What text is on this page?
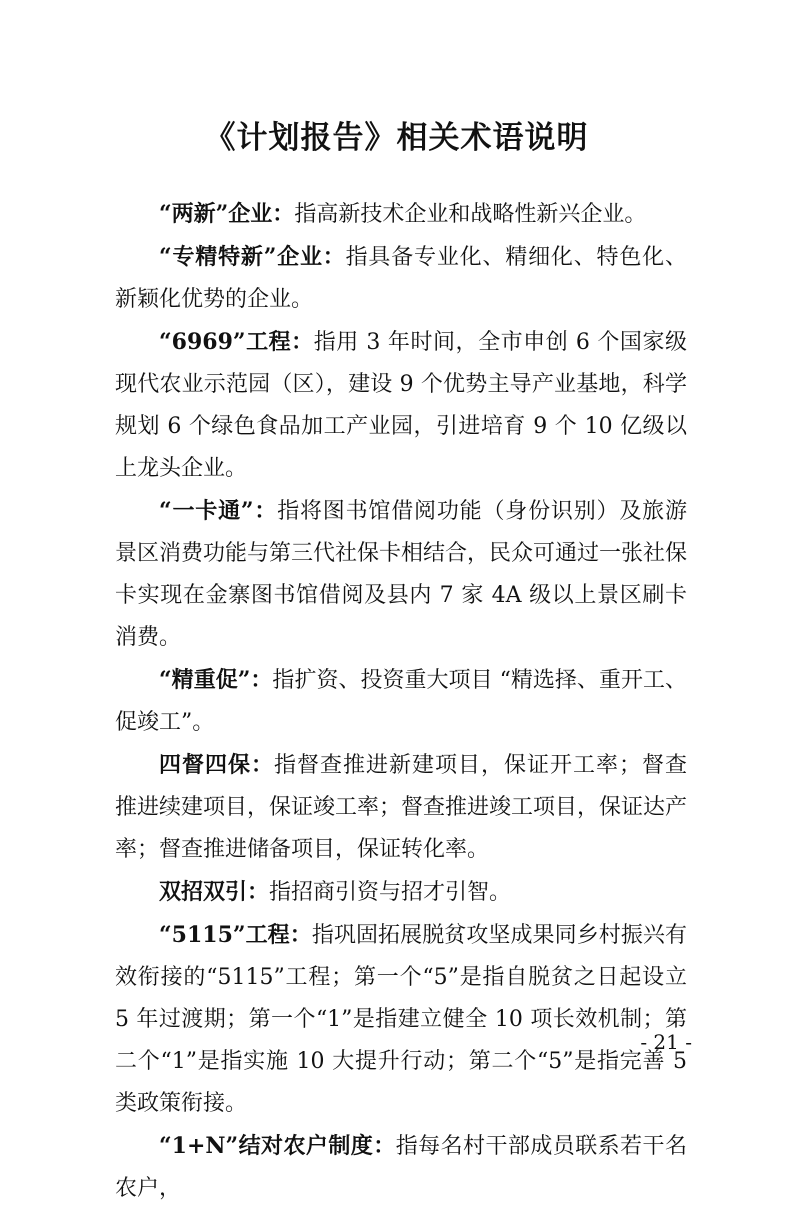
《计划报告》相关术语说明

“两新”企业：指高新技术企业和战略性新兴企业。

“专精特新”企业：指具备专业化、精细化、特色化、新颖化优势的企业。

“6969”工程：指用 3 年时间，全市申创 6 个国家级现代农业示范园（区），建设 9 个优势主导产业基地，科学规划 6 个绿色食品加工产业园，引进培育 9 个 10 亿级以上龙头企业。

“一卡通”：指将图书馆借阅功能（身份识别）及旅游景区消费功能与第三代社保卡相结合，民众可通过一张社保卡实现在金寨图书馆借阅及县内 7 家 4A 级以上景区刷卡消费。

“精重促”：指扩资、投资重大项目 “精选择、重开工、促竣工”。

四督四保：指督查推进新建项目，保证开工率；督查推进续建项目，保证竣工率；督查推进竣工项目，保证达产率；督查推进储备项目，保证转化率。

双招双引：指招商引资与招才引智。

“5115”工程：指巩固拓展脱贫攻坚成果同乡村振兴有效衔接的“5115”工程；第一个“5”是指自脱贫之日起设立 5 年过渡期；第一个“1”是指建立健全 10 项长效机制；第二个“1”是指实施 10 大提升行动；第二个“5”是指完善 5 类政策衔接。

“1+N”结对农户制度：指每名村干部成员联系若干名农户，

- 21 -
